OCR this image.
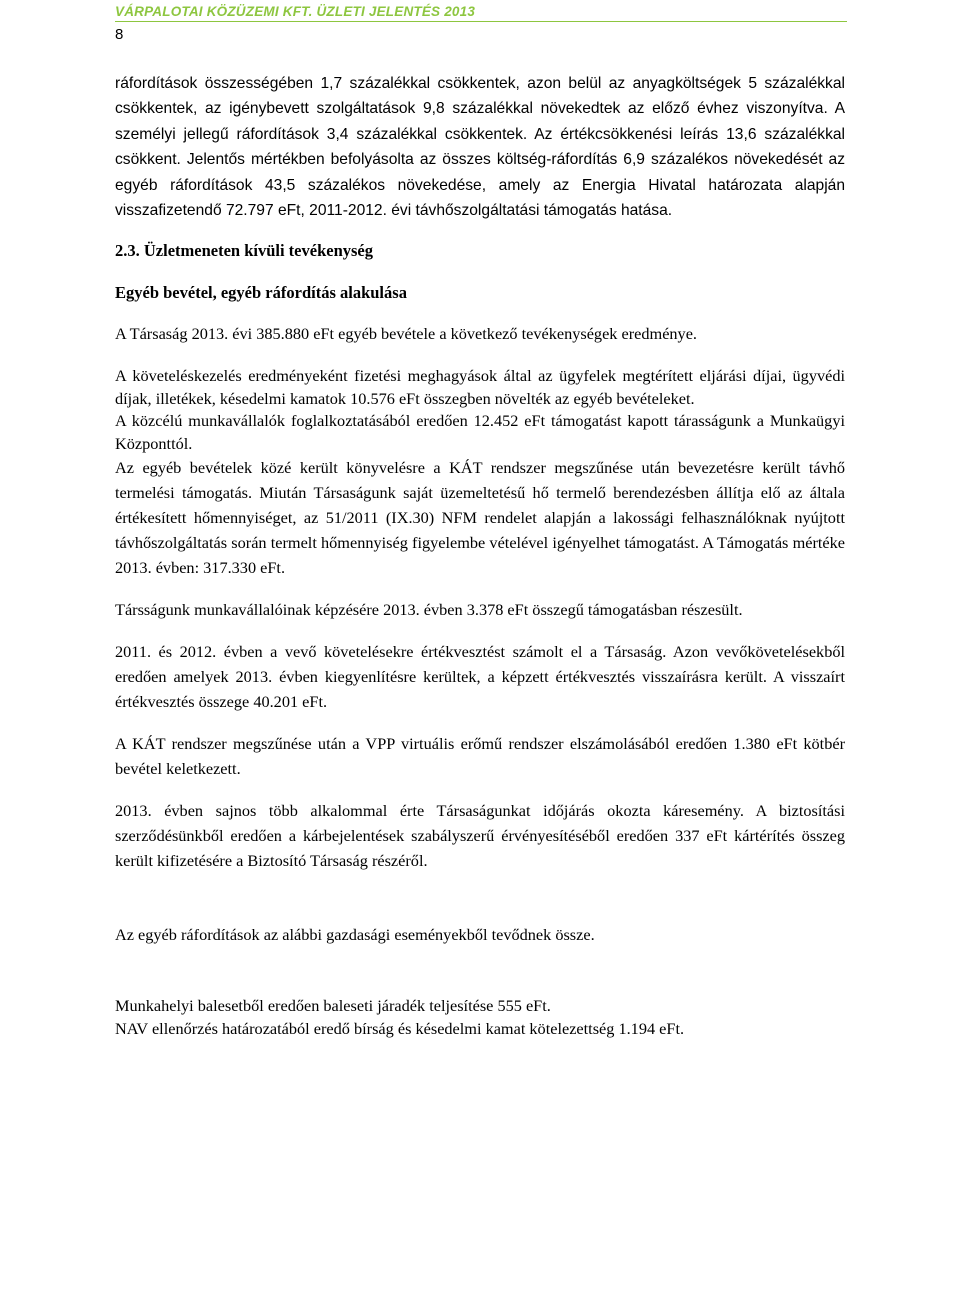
VÁRPALOTAI KÖZÜZEMI KFT. ÜZLETI JELENTÉS 2013
8

ráfordítások összességében 1,7 százalékkal csökkentek, azon belül az anyagköltségek 5 százalékkal csökkentek, az igénybevett szolgáltatások 9,8 százalékkal növekedtek az előző évhez viszonyítva. A személyi jellegű ráfordítások 3,4 százalékkal csökkentek. Az értékcsökkenési leírás 13,6 százalékkal csökkent. Jelentős mértékben befolyásolta az összes költség-ráfordítás 6,9 százalékos növekedését az egyéb ráfordítások 43,5 százalékos növekedése, amely az Energia Hivatal határozata alapján visszafizetendő 72.797 eFt, 2011-2012. évi távhőszolgáltatási támogatás hatása.

2.3. Üzletmeneten kívüli tevékenység

Egyéb bevétel, egyéb ráfordítás alakulása

A Társaság 2013. évi 385.880 eFt egyéb bevétele a következő tevékenységek eredménye.

A követeléskezelés eredményeként fizetési meghagyások által az ügyfelek megtérített eljárási díjai, ügyvédi díjak, illetékek, késedelmi kamatok 10.576 eFt összegben növelték az egyéb bevételeket.

A közcélú munkavállalók foglalkoztatásából eredően 12.452 eFt támogatást kapott tárasságunk a Munkaügyi Központtól.

Az egyéb bevételek közé került könyvelésre a KÁT rendszer megszűnése után bevezetésre került távhő termelési támogatás. Miután Társaságunk saját üzemeltetésű hő termelő berendezésben állítja elő az általa értékesített hőmennyiséget, az 51/2011 (IX.30) NFM rendelet alapján a lakossági felhasználóknak nyújtott távhőszolgáltatás során termelt hőmennyiség figyelembe vételével igényelhet támogatást. A Támogatás mértéke 2013. évben: 317.330 eFt.

Társságunk munkavállalóinak képzésére 2013. évben 3.378 eFt összegű támogatásban részesült.

2011. és 2012. évben a vevő követelésekre értékvesztést számolt el a Társaság. Azon vevőkövetelésekből eredően amelyek 2013. évben kiegyenlítésre kerültek, a képzett értékvesztés visszaírásra került. A visszaírt értékvesztés összege 40.201 eFt.

A KÁT rendszer megszűnése után a VPP virtuális erőmű rendszer elszámolásából eredően 1.380 eFt kötbér bevétel keletkezett.

2013. évben sajnos több alkalommal érte Társaságunkat időjárás okozta káresemény. A biztosítási szerződésünkből eredően a kárbejelentések szabályszerű érvényesítéséből eredően 337 eFt kártérítés összeg került kifizetésére a Biztosító Társaság részéről.

Az egyéb ráfordítások az alábbi gazdasági eseményekből tevődnek össze.

Munkahelyi balesetből eredően baleseti járadék teljesítése 555 eFt.

NAV ellenőrzés határozatából eredő bírság és késedelmi kamat kötelezettség 1.194 eFt.
